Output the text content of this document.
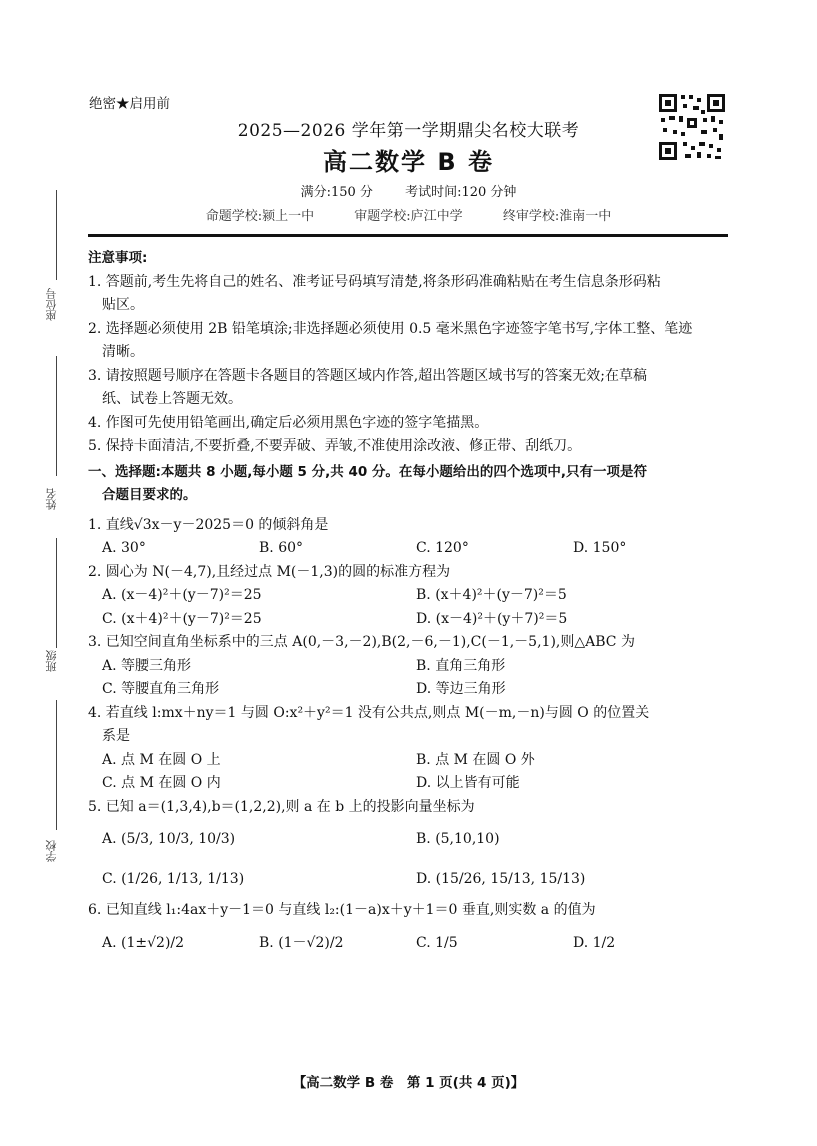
绝密★启用前
2025—2026 学年第一学期鼎尖名校大联考
高二数学 B 卷
满分:150 分 考试时间:120 分钟
命题学校:颍上一中	审题学校:庐江中学	终审学校:淮南一中
座位号
姓名
班级
学校
注意事项:
1. 答题前,考生先将自己的姓名、准考证号码填写清楚,将条形码准确粘贴在考生信息条形码粘
贴区。
2. 选择题必须使用 2B 铅笔填涂;非选择题必须使用 0.5 毫米黑色字迹签字笔书写,字体工整、笔迹
清晰。
3. 请按照题号顺序在答题卡各题目的答题区域内作答,超出答题区域书写的答案无效;在草稿
纸、试卷上答题无效。
4. 作图可先使用铅笔画出,确定后必须用黑色字迹的签字笔描黑。
5. 保持卡面清洁,不要折叠,不要弄破、弄皱,不准使用涂改液、修正带、刮纸刀。
一、选择题:本题共 8 小题,每小题 5 分,共 40 分。在每小题给出的四个选项中,只有一项是符
合题目要求的。
1. 直线√3x－y－2025＝0 的倾斜角是
A. 30°	B. 60°	C. 120°	D. 150°
2. 圆心为 N(－4,7),且经过点 M(－1,3)的圆的标准方程为
A. (x－4)²＋(y－7)²＝25	B. (x＋4)²＋(y－7)²＝5
C. (x＋4)²＋(y－7)²＝25	D. (x－4)²＋(y＋7)²＝5
3. 已知空间直角坐标系中的三点 A(0,－3,－2),B(2,－6,－1),C(－1,－5,1),则△ABC 为
A. 等腰三角形	B. 直角三角形
C. 等腰直角三角形	D. 等边三角形
4. 若直线 l:mx＋ny＝1 与圆 O:x²＋y²＝1 没有公共点,则点 M(－m,－n)与圆 O 的位置关
系是
A. 点 M 在圆 O 上	B. 点 M 在圆 O 外
C. 点 M 在圆 O 内	D. 以上皆有可能
5. 已知 a＝(1,3,4),b＝(1,2,2),则 a 在 b 上的投影向量坐标为
A. (5/3, 10/3, 10/3)	B. (5,10,10)
C. (1/26, 1/13, 1/13)	D. (15/26, 15/13, 15/13)
6. 已知直线 l₁:4ax＋y－1＝0 与直线 l₂:(1－a)x＋y＋1＝0 垂直,则实数 a 的值为
A. (1±√2)/2	B. (1－√2)/2	C. 1/5	D. 1/2
【高二数学 B 卷　第 1 页(共 4 页)】
